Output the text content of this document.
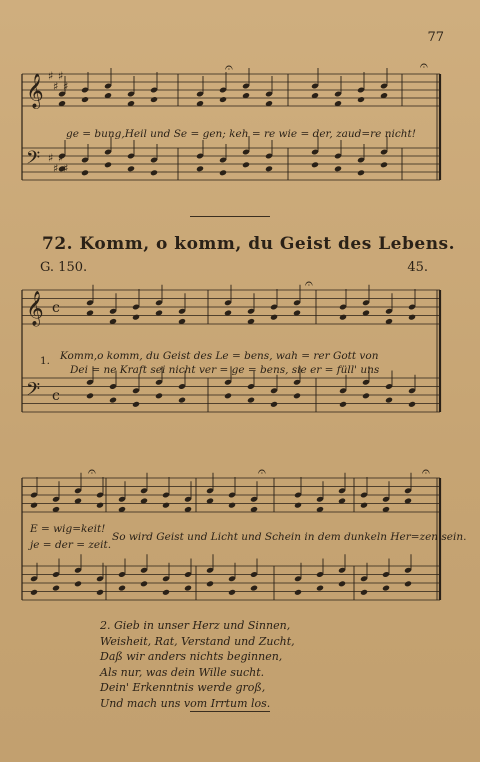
77
𝄞
𝄢
♯
♯
♯
♯
♯
♯
♯
♯
𝄞
𝄢
c
c
𝄐
𝄐
𝄐
𝄐	𝄐	𝄐
ge = bung,Heil und Se = gen; keh = re wie = der, zaud=re nicht!
72. Komm, o komm, du Geist des Lebens.
G. 150.	45.
1. Komm,o komm, du Geist des Le = bens, wah = rer Gott von
Dei = ne Kraft sei nicht ver = ge = bens, sie er = füll' uns
E = wig=keit!
je = der = zeit.
So wird Geist und Licht und Schein in dem dunkeln Her=zen sein.
2. Gieb in unser Herz und Sinnen,
Weisheit, Rat, Verstand und Zucht,
Daß wir anders nichts beginnen,
Als nur, was dein Wille sucht.
Dein' Erkenntnis werde groß,
Und mach uns vom Irrtum los.
